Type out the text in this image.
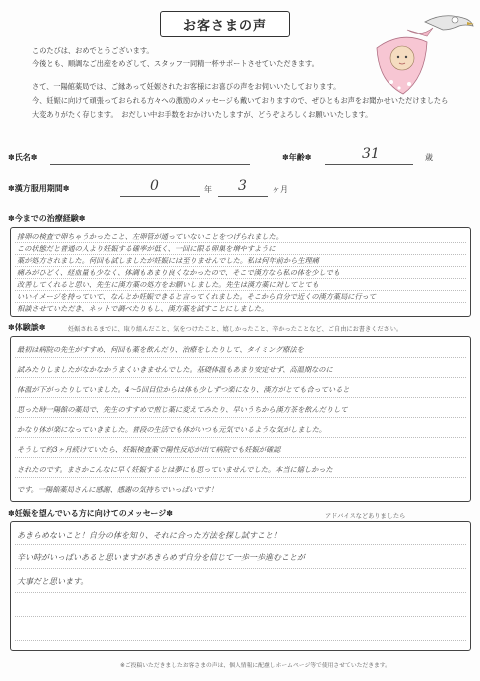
お客さまの声
このたびは、おめでとうございます。
今後とも、順調なご出産をめざして、スタッフ一同精一杯サポートさせていただきます。
さて、一陽館薬局では、ご縁あって妊娠されたお客様にお喜びの声をお伺いいたしております。
今、妊娠に向けて頑張っておられる方々への激励のメッセージも戴いておりますので、ぜひともお声をお聞かせいただけましたら
大変ありがたく存じます。　おだしい中お手数をおかけいたしますが、どうぞよろしくお願いいたします。
✽氏名✽	✽年齢✽	31	歳
✽漢方服用期間✽	0	年 3	ヶ月
✽今までの治療経験✽
排卵の検査で卵ちゃうかったこと、左卵管が通っていないことをつげられました。
この状態だと普通の人より妊娠する確率が低く、一回に限る卵巣を増やすように
薬が処方されました。何回も試しましたが妊娠には至りませんでした。私は何年前から生理痛
痛みがひどく、経血量も少なく、体調もあまり良くなかったので、そこで漢方なら私の体を少しでも
改善してくれると思い、先生に漢方薬の処方をお願いしました。先生は漢方薬に対してとても
いいイメージを持っていて、なんとか妊娠できると言ってくれました。そこから自分で近くの漢方薬局に行って
相談させていただき、ネットで調べたりもし、漢方薬を試すことにしました。
✽体験談✽	妊娠されるまでに、取り組んだこと、気をつけたこと、嬉しかったこと、辛かったことなど、ご自由にお書きください。
最初は病院の先生がすすめ、何回も薬を飲んだり、治療をしたりして、タイミング療法を
試みたりしましたがなかなかうまくいきませんでした。基礎体温もあまり安定せず、高温期なのに
体温が下がったりしていました。4〜5回目位からは体も少しずつ楽になり、漢方がとても合っていると
思った時一陽館の薬局で、先生のすすめで煎じ薬に変えてみたり、早いうちから漢方茶を飲んだりして
かなり体が楽になっていきました。普段の生活でも体がいつも元気でいるような気がしました。
そうして約3ヶ月続けていたら、妊娠検査薬で陽性反応が出て病院でも妊娠が確認
されたのです。まさかこんなに早く妊娠するとは夢にも思っていませんでした。本当に嬉しかった
です。一陽館薬局さんに感謝、感謝の気持ちでいっぱいです！
✽妊娠を望んでいる方に向けてのメッセージ✽	アドバイスなどありましたら
あきらめないこと！自分の体を知り、それに合った方法を探し試すこと！
辛い時がいっぱいあると思いますがあきらめず自分を信じて一歩一歩進むことが
大事だと思います。
※ご投稿いただきましたお客さまの声は、個人情報に配慮しホームページ等で使用させていただきます。
